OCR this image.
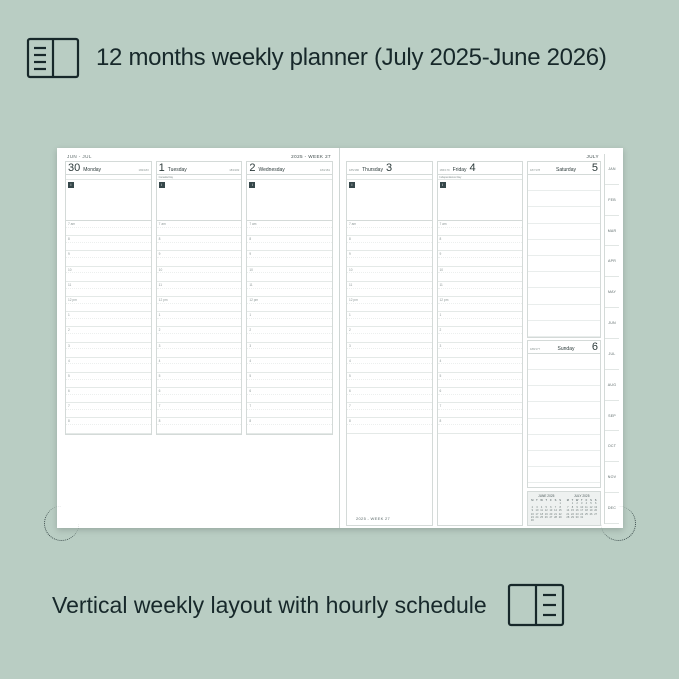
12 months weekly planner (July 2025-June 2026)
JUN - JUL	2025 - WEEK 27
30 Monday	182/183
i
7 am
8
9
10
11
12 pm
1
2
3
4
5
6
7
8
1 Tuesday	183/182
Canada Day
i
7 am
8
9
10
11
12 pm
1
2
3
4
5
6
7
8
2 Wednesday	184/181
i
7 am
8
9
10
11
12 pm
1
2
3
4
5
6
7
8
JULY
185/180 Thursday 3
i
7 am
8
9
10
11
12 pm
1
2
3
4
5
6
7
8
186/179 Friday 4
Independence Day
i
7 am
8
9
10
11
12 pm
1
2
3
4
5
6
7
8
187/178	Saturday 5
188/177	Sunday 6
JUNE 2025
M	T	W	T	F	S	S
						1
2	3	4	5	6	7	8
9	10	11	12	13	14	15
16	17	18	19	20	21	22
23	24	25	26	27	28	29
30						
JULY 2025
M	T	W	T	F	S	S
	1	2	3	4	5	6
7	8	9	10	11	12	13
14	15	16	17	18	19	20
21	22	23	24	25	26	27
28	29	30	31			

2025 - WEEK 27
JAN
FEB
MAR
APR
MAY
JUN
JUL
AUG
SEP
OCT
NOV
DEC
Vertical weekly layout with hourly schedule
